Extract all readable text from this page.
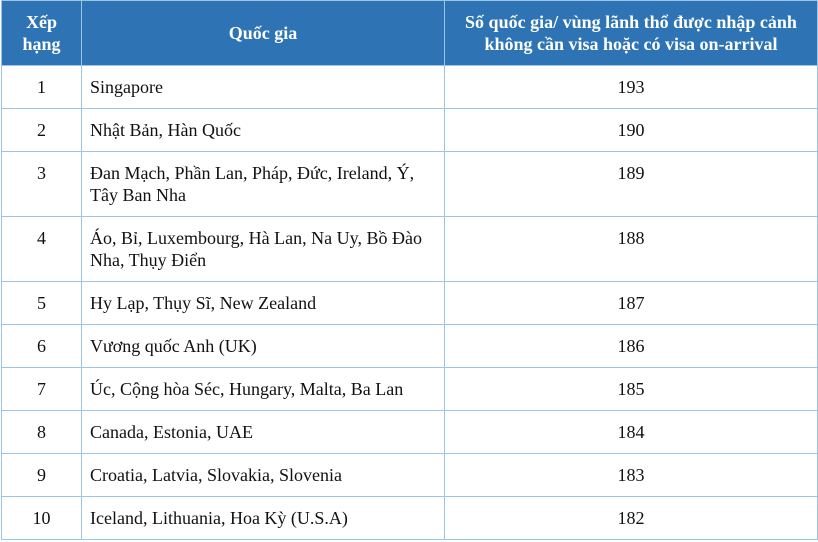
Xếp hạng	Quốc gia	Số quốc gia/ vùng lãnh thổ được nhập cảnh không cần visa hoặc có visa on-arrival
1	Singapore	193
2	Nhật Bản, Hàn Quốc	190
3	Đan Mạch, Phần Lan, Pháp, Đức, Ireland, Ý, Tây Ban Nha	189
4	Áo, Bỉ, Luxembourg, Hà Lan, Na Uy, Bồ Đào Nha, Thụy Điển	188
5	Hy Lạp, Thụy Sĩ, New Zealand	187
6	Vương quốc Anh (UK)	186
7	Úc, Cộng hòa Séc, Hungary, Malta, Ba Lan	185
8	Canada, Estonia, UAE	184
9	Croatia, Latvia, Slovakia, Slovenia	183
10	Iceland, Lithuania, Hoa Kỳ (U.S.A)	182
